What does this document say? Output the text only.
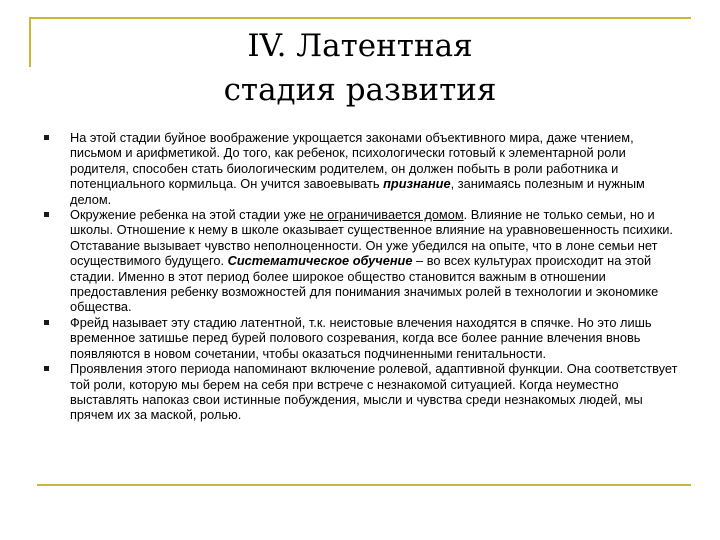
IV. Латентная
стадия развития
На этой стадии буйное воображение укрощается законами объективного мира, даже чтением, письмом и арифметикой. До того, как ребенок, психологически готовый к элементарной роли родителя, способен стать биологическим родителем, он должен побыть в роли работника и потенциального кормильца. Он учится завоевывать признание, занимаясь полезным и нужным делом.
Окружение ребенка на этой стадии уже не ограничивается домом. Влияние не только семьи, но и школы. Отношение к нему в школе оказывает существенное влияние на уравновешенность психики. Отставание вызывает чувство неполноценности. Он уже убедился на опыте, что в лоне семьи нет осуществимого будущего. Систематическое обучение – во всех культурах происходит на этой стадии. Именно в этот период более широкое общество становится важным в отношении предоставления ребенку возможностей для понимания значимых ролей в технологии и экономике общества.
Фрейд называет эту стадию латентной, т.к. неистовые влечения находятся в спячке. Но это лишь временное затишье перед бурей полового созревания, когда все более ранние влечения вновь появляются в новом сочетании, чтобы оказаться подчиненными генитальности.
Проявления этого периода напоминают включение ролевой, адаптивной функции. Она соответствует той роли, которую мы берем на себя при встрече с незнакомой ситуацией. Когда неуместно выставлять напоказ свои истинные побуждения, мысли и чувства среди незнакомых людей, мы прячем их за маской, ролью.
